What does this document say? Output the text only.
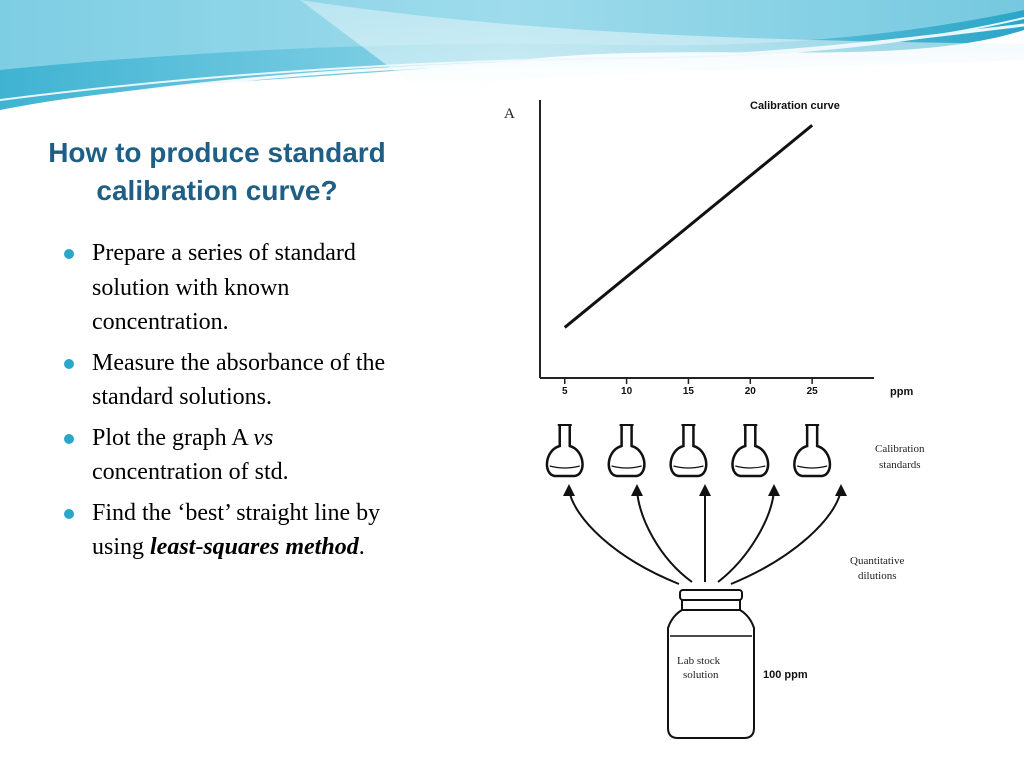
How to produce standard
calibration curve?
Prepare a series of standard solution with known concentration.
Measure the absorbance of the standard solutions.
Plot the graph A vs concentration of std.
Find the ‘best’ straight line by using least-squares method.
5	10	15	20	25
A	Calibration curve
ppm
Calibration
standards
Quantitative
dilutions
Lab stock
solution	100 ppm
